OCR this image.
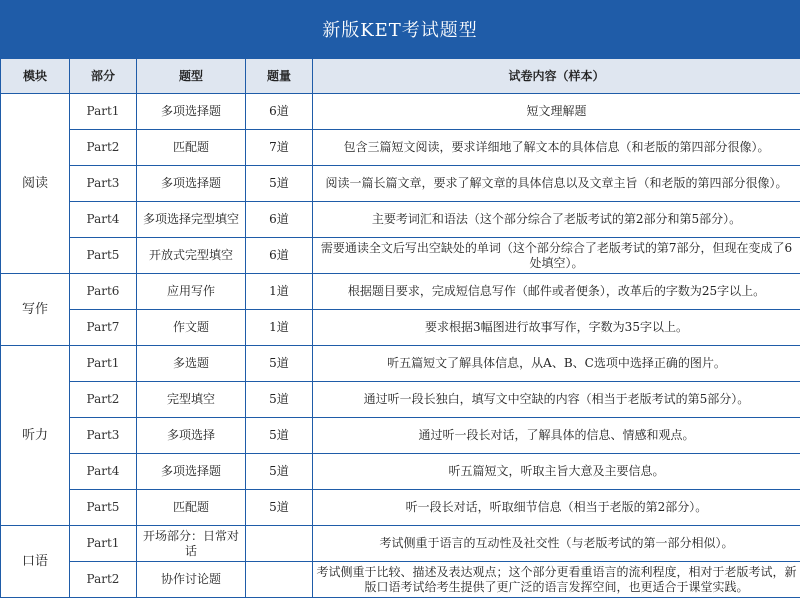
新版KET考试题型
模块	部分	题型	题量	试卷内容（样本）
阅读	Part1	多项选择题	6道	短文理解题
	Part2	匹配题	7道	包含三篇短文阅读，要求详细地了解文本的具体信息（和老版的第四部分很像）。
	Part3	多项选择题	5道	阅读一篇长篇文章，要求了解文章的具体信息以及文章主旨（和老版的第四部分很像）。
	Part4	多项选择完型填空	6道	主要考词汇和语法（这个部分综合了老版考试的第2部分和第5部分）。
	Part5	开放式完型填空	6道	需要通读全文后写出空缺处的单词（这个部分综合了老版考试的第7部分，但现在变成了6处填空）。
写作	Part6	应用写作	1道	根据题目要求，完成短信息写作（邮件或者便条），改革后的字数为25字以上。
	Part7	作文题	1道	要求根据3幅图进行故事写作，字数为35字以上。
听力	Part1	多选题	5道	听五篇短文了解具体信息，从A、B、C选项中选择正确的图片。
	Part2	完型填空	5道	通过听一段长独白，填写文中空缺的内容（相当于老版考试的第5部分）。
	Part3	多项选择	5道	通过听一段长对话，了解具体的信息、情感和观点。
	Part4	多项选择题	5道	听五篇短文，听取主旨大意及主要信息。
	Part5	匹配题	5道	听一段长对话，听取细节信息（相当于老版的第2部分）。
口语	Part1	开场部分：日常对话		考试侧重于语言的互动性及社交性（与老版考试的第一部分相似）。
	Part2	协作讨论题		考试侧重于比较、描述及表达观点；这个部分更看重语言的流利程度，相对于老版考试，新版口语考试给考生提供了更广泛的语言发挥空间，也更适合于课堂实践。
